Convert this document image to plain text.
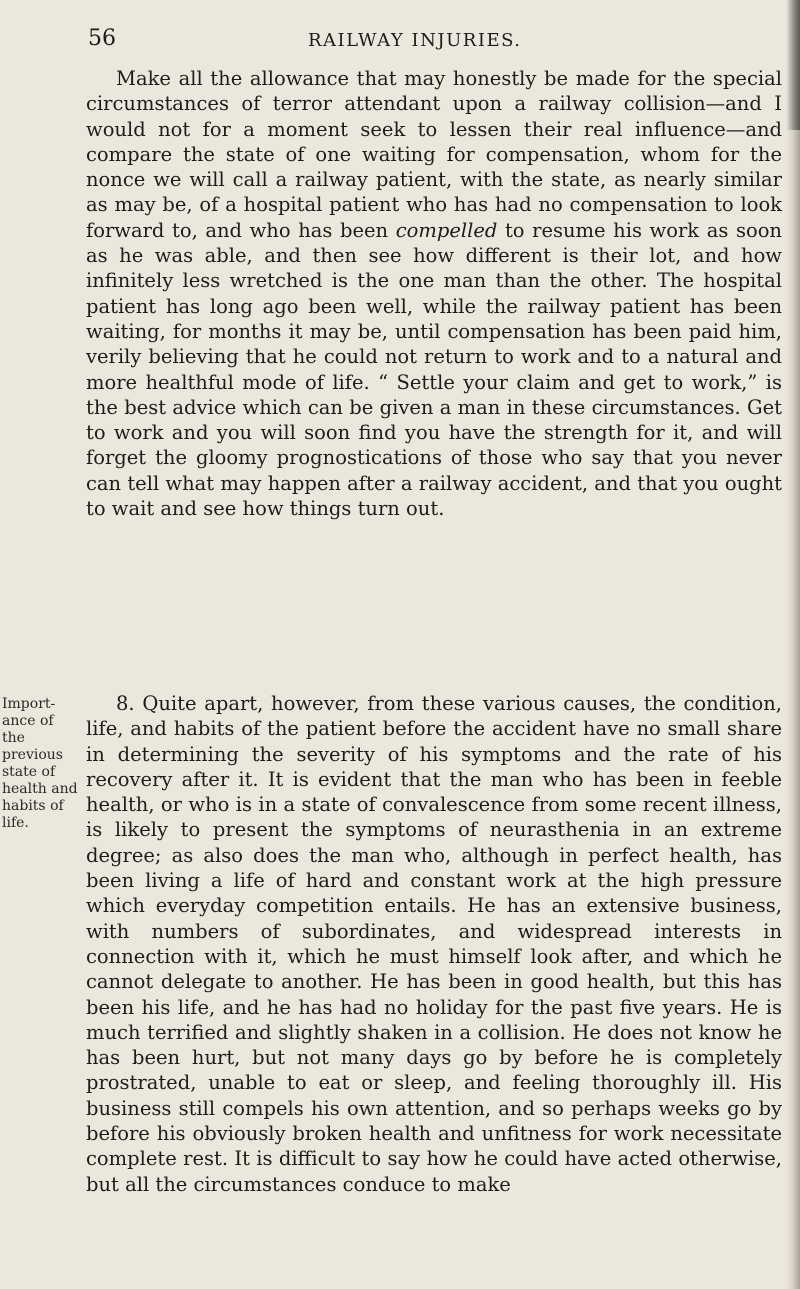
56	RAILWAY INJURIES.

Make all the allowance that may honestly be made for the special circumstances of terror attendant upon a railway collision—and I would not for a moment seek to lessen their real influence—and compare the state of one waiting for compensation, whom for the nonce we will call a railway patient, with the state, as nearly similar as may be, of a hospital patient who has had no compensation to look forward to, and who has been compelled to resume his work as soon as he was able, and then see how different is their lot, and how infinitely less wretched is the one man than the other. The hospital patient has long ago been well, while the railway patient has been waiting, for months it may be, until compensation has been paid him, verily believing that he could not return to work and to a natural and more healthful mode of life. “ Settle your claim and get to work,” is the best advice which can be given a man in these circumstances. Get to work and you will soon find you have the strength for it, and will forget the gloomy prognostications of those who say that you never can tell what may happen after a railway accident, and that you ought to wait and see how things turn out.

Import-
ance of the
previous
state of
health and
habits of
life.

8. Quite apart, however, from these various causes, the condition, life, and habits of the patient before the accident have no small share in determining the severity of his symptoms and the rate of his recovery after it. It is evident that the man who has been in feeble health, or who is in a state of convalescence from some recent illness, is likely to present the symptoms of neurasthenia in an extreme degree; as also does the man who, although in perfect health, has been living a life of hard and constant work at the high pressure which everyday competition entails. He has an extensive business, with numbers of subordinates, and widespread interests in connection with it, which he must himself look after, and which he cannot delegate to another. He has been in good health, but this has been his life, and he has had no holiday for the past five years. He is much terrified and slightly shaken in a collision. He does not know he has been hurt, but not many days go by before he is completely prostrated, unable to eat or sleep, and feeling thoroughly ill. His business still compels his own attention, and so perhaps weeks go by before his obviously broken health and unfitness for work necessitate complete rest. It is difficult to say how he could have acted otherwise, but all the circumstances conduce to make
